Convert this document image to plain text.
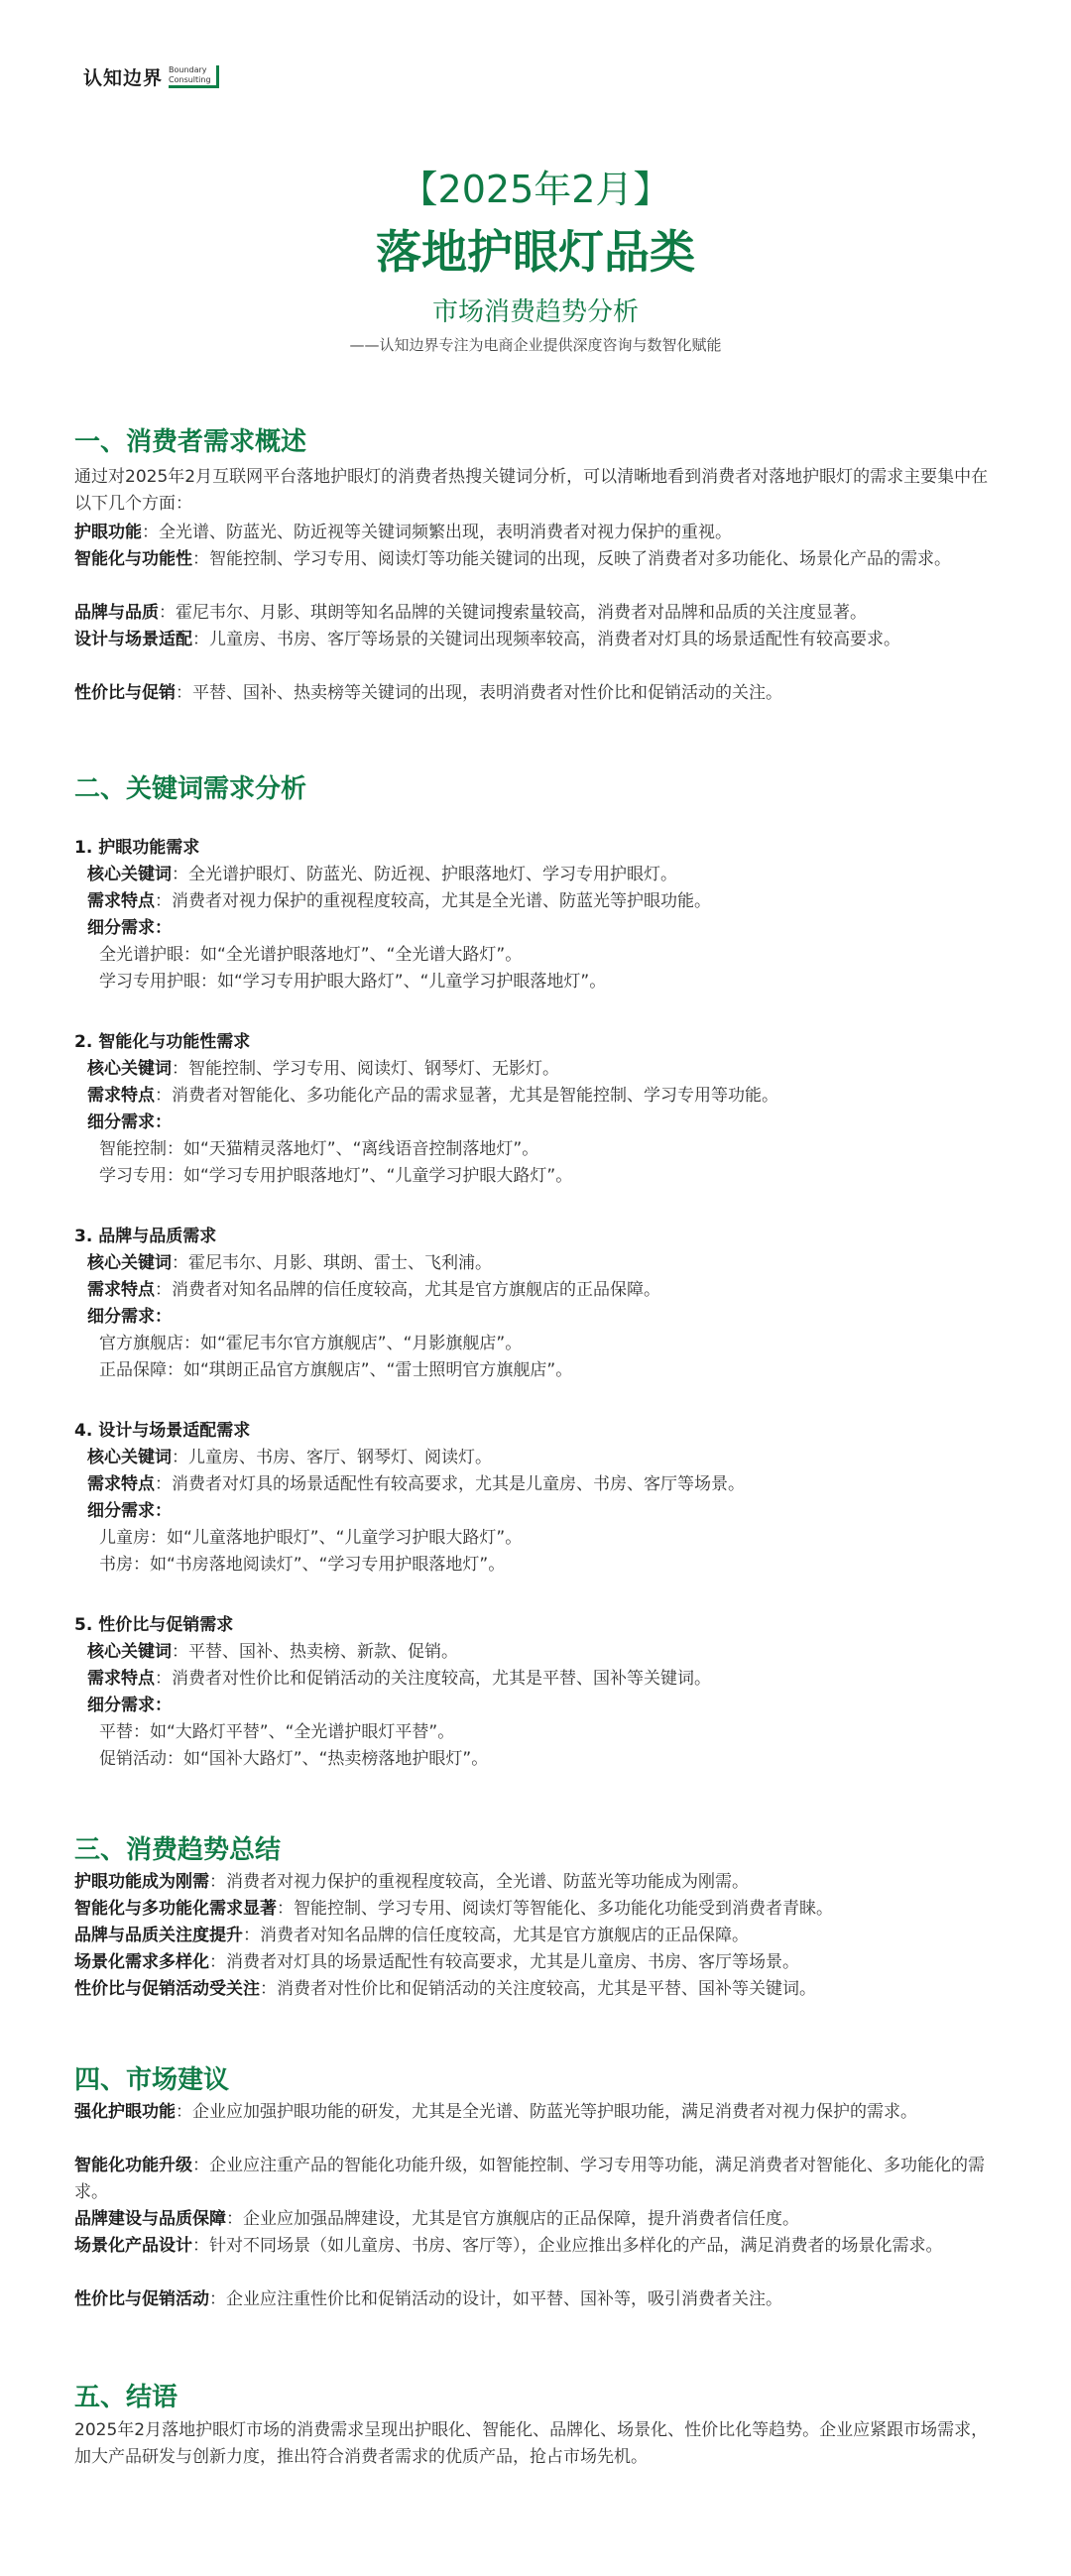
认知边界 Boundary
Consulting

【2025年2月】

落地护眼灯品类

市场消费趋势分析

——认知边界专注为电商企业提供深度咨询与数智化赋能

一、消费者需求概述

通过对2025年2月互联网平台落地护眼灯的消费者热搜关键词分析，可以清晰地看到消费者对落地护眼灯的需求主要集中在以下几个方面：

护眼功能：全光谱、防蓝光、防近视等关键词频繁出现，表明消费者对视力保护的重视。

智能化与功能性：智能控制、学习专用、阅读灯等功能关键词的出现，反映了消费者对多功能化、场景化产品的需求。

品牌与品质：霍尼韦尔、月影、琪朗等知名品牌的关键词搜索量较高，消费者对品牌和品质的关注度显著。

设计与场景适配：儿童房、书房、客厅等场景的关键词出现频率较高，消费者对灯具的场景适配性有较高要求。

性价比与促销：平替、国补、热卖榜等关键词的出现，表明消费者对性价比和促销活动的关注。

二、关键词需求分析

1. 护眼功能需求

核心关键词：全光谱护眼灯、防蓝光、防近视、护眼落地灯、学习专用护眼灯。

需求特点：消费者对视力保护的重视程度较高，尤其是全光谱、防蓝光等护眼功能。

细分需求：

全光谱护眼：如“全光谱护眼落地灯”、“全光谱大路灯”。

学习专用护眼：如“学习专用护眼大路灯”、“儿童学习护眼落地灯”。

2. 智能化与功能性需求

核心关键词：智能控制、学习专用、阅读灯、钢琴灯、无影灯。

需求特点：消费者对智能化、多功能化产品的需求显著，尤其是智能控制、学习专用等功能。

细分需求：

智能控制：如“天猫精灵落地灯”、“离线语音控制落地灯”。

学习专用：如“学习专用护眼落地灯”、“儿童学习护眼大路灯”。

3. 品牌与品质需求

核心关键词：霍尼韦尔、月影、琪朗、雷士、飞利浦。

需求特点：消费者对知名品牌的信任度较高，尤其是官方旗舰店的正品保障。

细分需求：

官方旗舰店：如“霍尼韦尔官方旗舰店”、“月影旗舰店”。

正品保障：如“琪朗正品官方旗舰店”、“雷士照明官方旗舰店”。

4. 设计与场景适配需求

核心关键词：儿童房、书房、客厅、钢琴灯、阅读灯。

需求特点：消费者对灯具的场景适配性有较高要求，尤其是儿童房、书房、客厅等场景。

细分需求：

儿童房：如“儿童落地护眼灯”、“儿童学习护眼大路灯”。

书房：如“书房落地阅读灯”、“学习专用护眼落地灯”。

5. 性价比与促销需求

核心关键词：平替、国补、热卖榜、新款、促销。

需求特点：消费者对性价比和促销活动的关注度较高，尤其是平替、国补等关键词。

细分需求：

平替：如“大路灯平替”、“全光谱护眼灯平替”。

促销活动：如“国补大路灯”、“热卖榜落地护眼灯”。

三、消费趋势总结

护眼功能成为刚需：消费者对视力保护的重视程度较高，全光谱、防蓝光等功能成为刚需。

智能化与多功能化需求显著：智能控制、学习专用、阅读灯等智能化、多功能化功能受到消费者青睐。

品牌与品质关注度提升：消费者对知名品牌的信任度较高，尤其是官方旗舰店的正品保障。

场景化需求多样化：消费者对灯具的场景适配性有较高要求，尤其是儿童房、书房、客厅等场景。

性价比与促销活动受关注：消费者对性价比和促销活动的关注度较高，尤其是平替、国补等关键词。

四、市场建议

强化护眼功能：企业应加强护眼功能的研发，尤其是全光谱、防蓝光等护眼功能，满足消费者对视力保护的需求。

智能化功能升级：企业应注重产品的智能化功能升级，如智能控制、学习专用等功能，满足消费者对智能化、多功能化的需求。

品牌建设与品质保障：企业应加强品牌建设，尤其是官方旗舰店的正品保障，提升消费者信任度。

场景化产品设计：针对不同场景（如儿童房、书房、客厅等），企业应推出多样化的产品，满足消费者的场景化需求。

性价比与促销活动：企业应注重性价比和促销活动的设计，如平替、国补等，吸引消费者关注。

五、结语

2025年2月落地护眼灯市场的消费需求呈现出护眼化、智能化、品牌化、场景化、性价比化等趋势。企业应紧跟市场需求，加大产品研发与创新力度，推出符合消费者需求的优质产品，抢占市场先机。
